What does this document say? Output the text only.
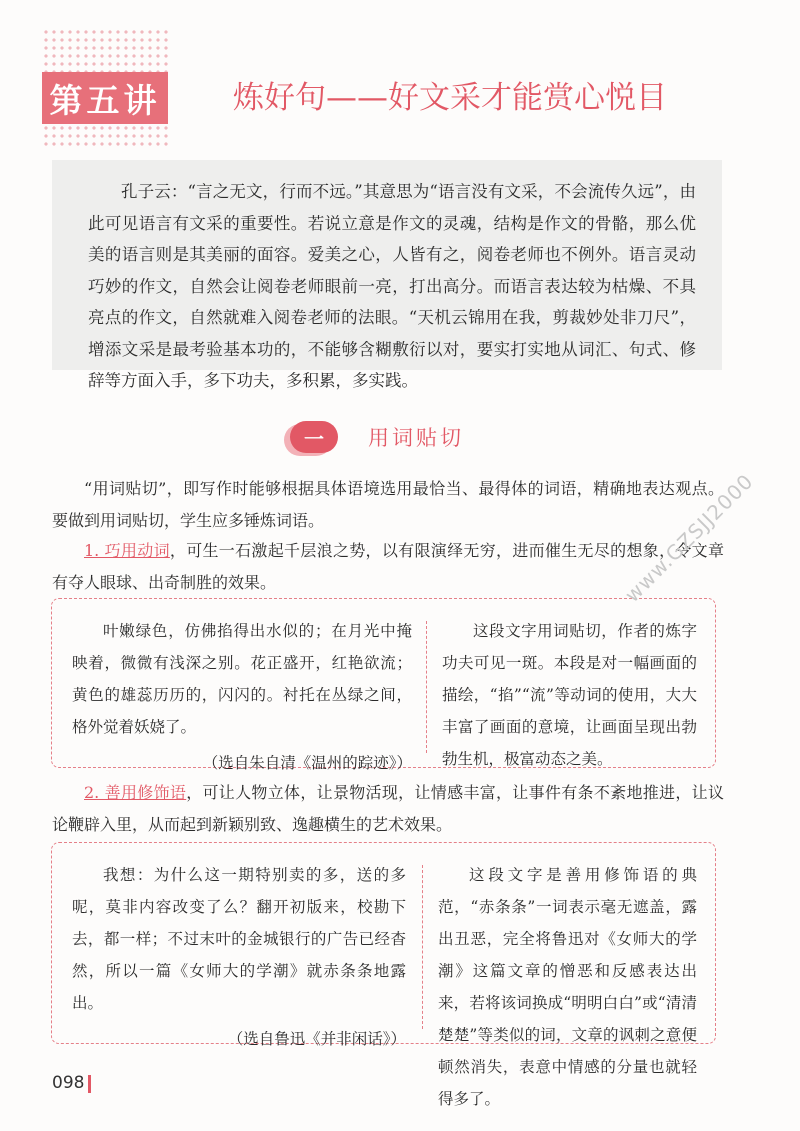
第五讲 炼好句——好文采才能赏心悦目

孔子云：“言之无文，行而不远。”其意思为“语言没有文采，不会流传久远”，由此可见语言有文采的重要性。若说立意是作文的灵魂，结构是作文的骨骼，那么优美的语言则是其美丽的面容。爱美之心，人皆有之，阅卷老师也不例外。语言灵动巧妙的作文，自然会让阅卷老师眼前一亮，打出高分。而语言表达较为枯燥、不具亮点的作文，自然就难入阅卷老师的法眼。“天机云锦用在我，剪裁妙处非刀尺”，增添文采是最考验基本功的，不能够含糊敷衍以对，要实打实地从词汇、句式、修辞等方面入手，多下功夫，多积累，多实践。

一	用词贴切

“用词贴切”，即写作时能够根据具体语境选用最恰当、最得体的词语，精确地表达观点。要做到用词贴切，学生应多锤炼词语。

1. 巧用动词，可生一石激起千层浪之势，以有限演绎无穷，进而催生无尽的想象，令文章有夺人眼球、出奇制胜的效果。

叶嫩绿色，仿佛掐得出水似的；在月光中掩映着，微微有浅深之别。花正盛开，红艳欲流；黄色的雄蕊历历的，闪闪的。衬托在丛绿之间，格外觉着妖娆了。

（选自朱自清《温州的踪迹》）

这段文字用词贴切，作者的炼字功夫可见一斑。本段是对一幅画面的描绘，“掐”“流”等动词的使用，大大丰富了画面的意境，让画面呈现出勃勃生机，极富动态之美。

2. 善用修饰语，可让人物立体，让景物活现，让情感丰富，让事件有条不紊地推进，让议论鞭辟入里，从而起到新颖别致、逸趣横生的艺术效果。

我想：为什么这一期特别卖的多，送的多呢，莫非内容改变了么？翻开初版来，校勘下去，都一样；不过末叶的金城银行的广告已经杳然，所以一篇《女师大的学潮》就赤条条地露出。

（选自鲁迅《并非闲话》）

这段文字是善用修饰语的典范，“赤条条”一词表示毫无遮盖，露出丑恶，完全将鲁迅对《女师大的学潮》这篇文章的憎恶和反感表达出来，若将该词换成“明明白白”或“清清楚楚”等类似的词，文章的讽刺之意便顿然消失，表意中情感的分量也就轻得多了。

www.GZSJJ2000
098
